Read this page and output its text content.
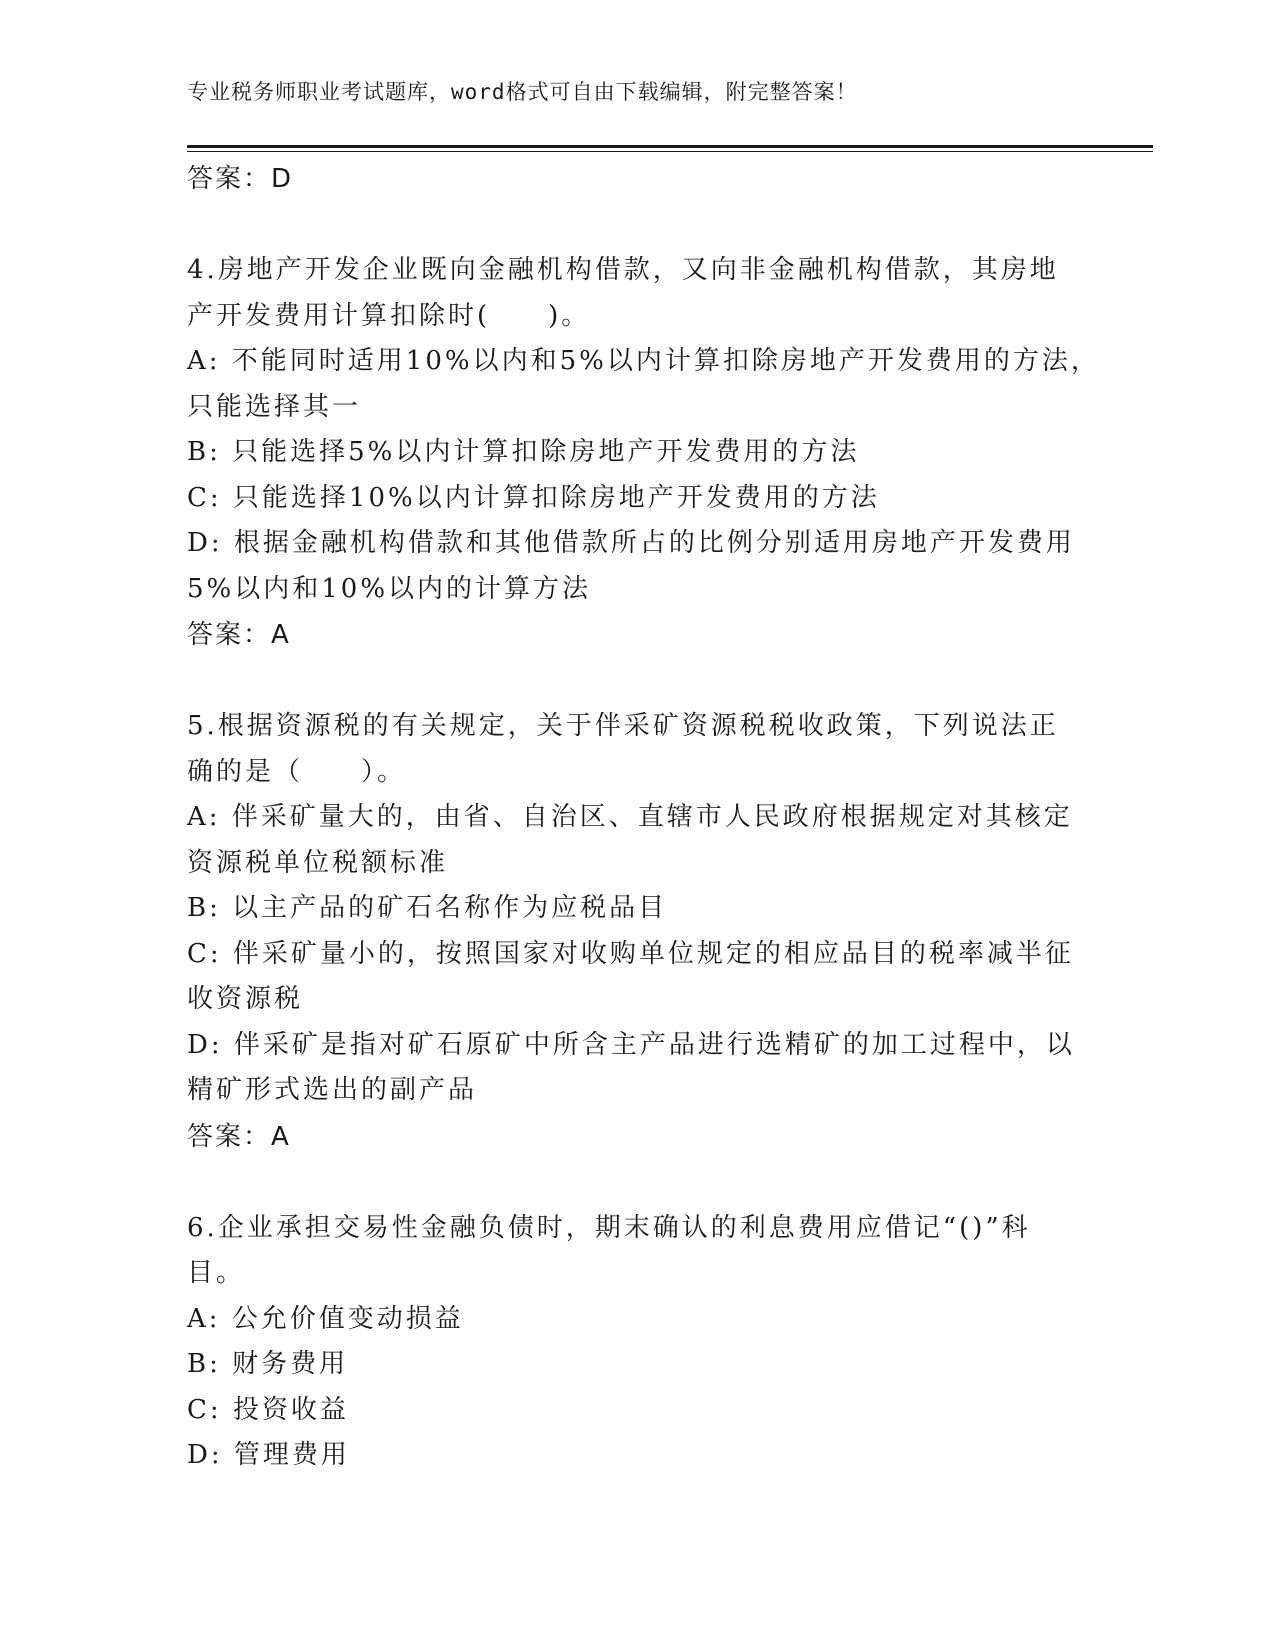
专业税务师职业考试题库，word格式可自由下载编辑，附完整答案！
答案：D
4.房地产开发企业既向金融机构借款，又向非金融机构借款，其房地
产开发费用计算扣除时(　　)。
A: 不能同时适用10%以内和5%以内计算扣除房地产开发费用的方法，
只能选择其一
B: 只能选择5%以内计算扣除房地产开发费用的方法
C: 只能选择10%以内计算扣除房地产开发费用的方法
D: 根据金融机构借款和其他借款所占的比例分别适用房地产开发费用
5%以内和10%以内的计算方法
答案：A
5.根据资源税的有关规定，关于伴采矿资源税税收政策，下列说法正
确的是（　　）。
A: 伴采矿量大的，由省、自治区、直辖市人民政府根据规定对其核定
资源税单位税额标准
B: 以主产品的矿石名称作为应税品目
C: 伴采矿量小的，按照国家对收购单位规定的相应品目的税率减半征
收资源税
D: 伴采矿是指对矿石原矿中所含主产品进行选精矿的加工过程中，以
精矿形式选出的副产品
答案：A
6.企业承担交易性金融负债时，期末确认的利息费用应借记“()”科
目。
A: 公允价值变动损益
B: 财务费用
C: 投资收益
D: 管理费用
